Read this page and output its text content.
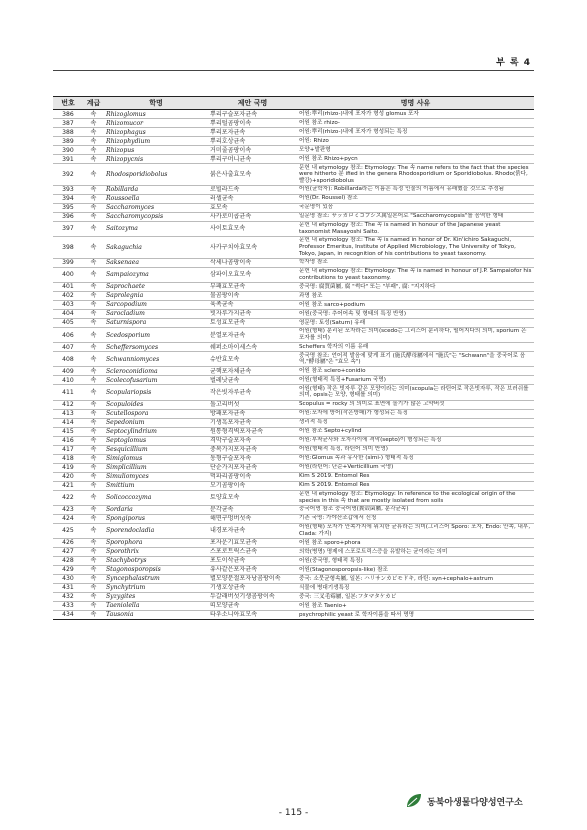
부 록 4
번호	계급	학명	제안 국명	명명 사유
386	속	Rhizoglomus	뿌리구슬포자균속	어원:뿌리(rhizo-)내에 포자가 형성 glomus 포자
387	속	Rhizomucor	뿌리털곰팡이속	어원 참조 rhizo-
388	속	Rhizophagus	뿌리포자균속	어원:뿌리(rhizo-)내에 포자가 형성되는 특징
389	속	Rhizophydium	뿌리호상균속	어원: Rhizo
390	속	Rhizopus	거미줄곰팡이속	모양+발판형
391	속	Rhizopycnis	뿌리구머니균속	어원 참조 Rhizo+pycn
392	속	Rhodosporidiobolus	붉은사출효모속	문헌 내 etymology 참조: Etymology: The 속 name refers to the fact that the species were hitherto 분 ified in the genera Rhodosporidium or Sporidiobolus. Rhodo(붉다, 빨강)+sporidiobolus
393	속	Robillarda	로빌라드속	어원(균학자): Robillarda라는 이름은 특정 인물의 이름에서 유래했을 것으로 추정됨
394	속	Roussoella	러셀균속	어원(Dr. Roussel) 참조
395	속	Saccharomyces	효모속	국문명이 있음
396	속	Saccharomycopsis	사카로미콥균속	일문명 참조: サッカロミコプシス属일본어로 "Saccharomycopsis"를 음역한 형태
397	속	Saitozyma	사이토효모속	문헌 내 etymology 참조: The 속 is named in honour of the Japanese yeast taxonomist Masayoshi Saito.
398	속	Sakaguchia	사카구치아효모속	문헌 내 etymology 참조: The 속 is named in honor of Dr. Kin'ichiro Sakaguchi, Professor Emeritus, Institute of Applied Microbiology, The University of Tokyo, Tokyo, Japan, in recognition of his contributions to yeast taxonomy.
399	속	Saksenaea	삭세나곰팡이속	학자명 참조
400	속	Sampaiozyma	삼파이오효모속	문헌 내 etymology 참조: Etymology: The 속 is named in honour of J.P. Sampaiofor his contributions to yeast taxonomy.
401	속	Saprochaete	부패효모균속	중국명: 腐質菌屬, 腐 "썩다" 또는 "부패", 腐: "지지하다
402	속	Saprolegnia	물곰팡이속	과명 참조
403	속	Sarcopodium	육족균속	어원 참조 sarco+podium
404	속	Sarocladium	빗자루가지균속	어원(중국명: 추어어속 및 형태의 특징 반영)
405	속	Saturnispora	토성효모균속	영문명: 토성(Saturn) 유래
406	속	Scedosporium	분열포자균속	어원(형태) 분리된 포자라는 의미(scedo는 그리스어 분리하다, 떨어지다의 의미, sporium 은 포자를 의미)
407	속	Scheffersomyces	쉐퍼소마이세스속	Scheffers 학자의 이름 유래
408	속	Schwanniomyces	슈반효모속	중국명 참조: 언어적 발음에 맞게 표기 (施氏酵母屬에서 "施氏"는 "Schwann"을 중국어로 음역,"酵母屬"은 "효모 속")
409	속	Scleroconidioma	균핵포자체균속	어원 참조 sclero+conidio
410	속	Scolecofusarium	벌레낫균속	어원(형태적 특징+Fusarium 국명)
411	속	Scopulariopsis	작은빗자루균속	어원(형태) 작은 빗자루 같은 모양이라는 의미(scopula는 라틴어로 작은빗자루, 작은 브러쉬를 의미, opsis는 모양, 형태를 의미)
412	속	Scopuloides	돌고리버섯	Scopulus = rocky 의 의미로 표면에 돌기가 많은 고약버섯
413	속	Scutellospora	방패포자균속	어원:포자에 방어(작은방패)가 형성되는 특징
414	속	Sepedonium	기생흑포자균속	생리적 특징
415	속	Septocylindrium	원통형격벽포자균속	어원 참조 Septo+cylind
416	속	Septoglomus	격막구슬포자속	어원:부착균사와 포자사이에 격막(septo)이 형성되는 특징
417	속	Sesquicillium	중복가지포자균속	어원(형태적 특징, 라틴어 의미 반영)
418	속	Simiglomus	동형구슬포자속	어원:Glomus 속과 유사한 (simi-) 형태적 특징
419	속	Simplicillium	단순가지포자균속	어원(라틴어: 단순+Verticillium 국명)
420	속	Simuliomyces	먹파리곰팡이속	Kim S 2019. Entomol Res
421	속	Smittium	모기곰팡이속	Kim S 2019. Entomol Res
422	속	Solicoccozyma	토양효모속	문헌 내 etymology 참조: Etymology: In reference to the ecological origin of the species in this 속 that are mostly isolated from soils
423	속	Sordaria	분각균속	중국어명 참조 중국어명(糞殻菌屬, 분각균속)
424	속	Spongiporus	해면구멍버섯속	기존 국명: 가야산조갑에서 신청
425	속	Sporendocladia	내경포자균속	어원(형태) 포자가 안쪽가지에 위치한 균류라는 의미(그리스어 Sporo: 포자, Endo: 안쪽, 내부, Clada: 가지)
426	속	Sporophora	포자운기효모균속	어원 참조 sporo+phora
427	속	Sporothrix	스포로트릭스균속	의학(병명) 명제에 스포로트릭스증을 유발하는 균이라는 의미
428	속	Stachybotrys	포도이삭균속	어원(중국명, 형태적 특징)
429	속	Stagonosporopsis	유사같은포자균속	어원(Stagonosporopsis-like) 참조
430	속	Syncephalastrum	별모양분절포자낭곰팡이속	중국: 소뭇균형속屬, 일본: ハリサンカビモドキ, 라틴: syn+cephalo+astrum
431	속	Synchytrium	기생호상균속	식물에 병대기생특징
432	속	Syzygites	두갈래버섯기생곰팡이속	중국: 三叉毛霉屬, 일본:フタマタケカビ
433	속	Taeniolella	띠모양균속	어원 참조 Taenio+
434	속	Tausonia	타우소니아효모속	psychrophilic yeast 로 학자이름을 따서 명명
- 115 -
동북아생물다양성연구소
